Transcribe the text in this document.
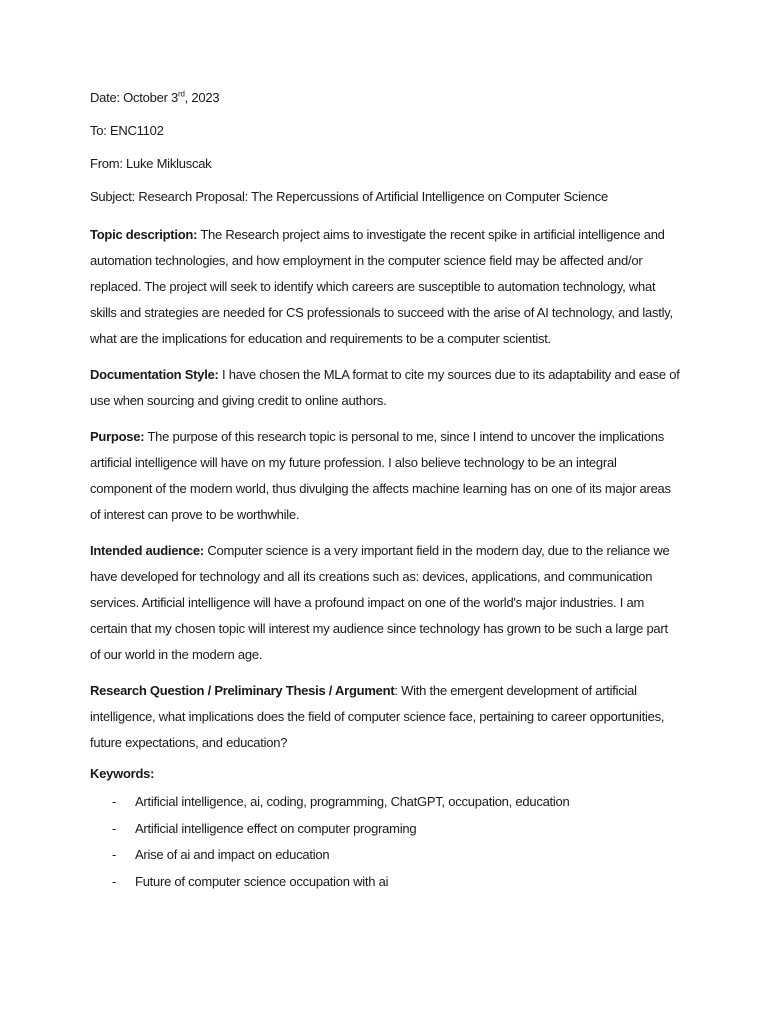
Date: October 3rd, 2023

To: ENC1102

From: Luke Mikluscak

Subject: Research Proposal: The Repercussions of Artificial Intelligence on Computer Science

Topic description: The Research project aims to investigate the recent spike in artificial intelligence and automation technologies, and how employment in the computer science field may be affected and/or replaced. The project will seek to identify which careers are susceptible to automation technology, what skills and strategies are needed for CS professionals to succeed with the arise of AI technology, and lastly, what are the implications for education and requirements to be a computer scientist.

Documentation Style: I have chosen the MLA format to cite my sources due to its adaptability and ease of use when sourcing and giving credit to online authors.

Purpose: The purpose of this research topic is personal to me, since I intend to uncover the implications artificial intelligence will have on my future profession. I also believe technology to be an integral component of the modern world, thus divulging the affects machine learning has on one of its major areas of interest can prove to be worthwhile.

Intended audience: Computer science is a very important field in the modern day, due to the reliance we have developed for technology and all its creations such as: devices, applications, and communication services. Artificial intelligence will have a profound impact on one of the world's major industries. I am certain that my chosen topic will interest my audience since technology has grown to be such a large part of our world in the modern age.

Research Question / Preliminary Thesis / Argument: With the emergent development of artificial intelligence, what implications does the field of computer science face, pertaining to career opportunities, future expectations, and education?

Keywords:

- Artificial intelligence, ai, coding, programming, ChatGPT, occupation, education
- Artificial intelligence effect on computer programing
- Arise of ai and impact on education
- Future of computer science occupation with ai
